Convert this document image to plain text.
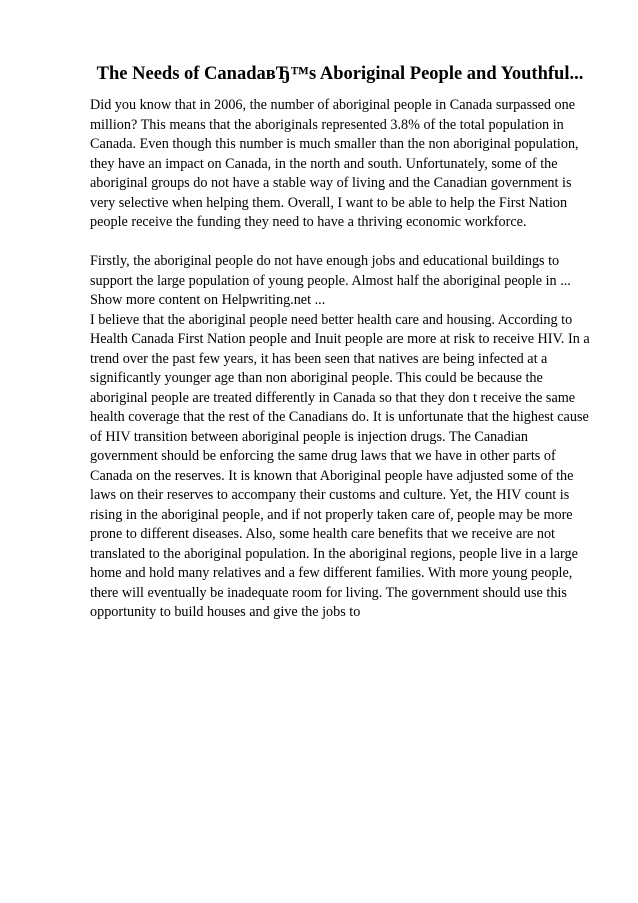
The Needs of CanadaвЂ™s Aboriginal People and Youthful...

Did you know that in 2006, the number of aboriginal people in Canada surpassed one million? This means that the aboriginals represented 3.8% of the total population in Canada. Even though this number is much smaller than the non aboriginal population, they have an impact on Canada, in the north and south. Unfortunately, some of the aboriginal groups do not have a stable way of living and the Canadian government is very selective when helping them. Overall, I want to be able to help the First Nation people receive the funding they need to have a thriving economic workforce.

Firstly, the aboriginal people do not have enough jobs and educational buildings to support the large population of young people. Almost half the aboriginal people in ...

Show more content on Helpwriting.net ...

I believe that the aboriginal people need better health care and housing. According to Health Canada First Nation people and Inuit people are more at risk to receive HIV. In a trend over the past few years, it has been seen that natives are being infected at a significantly younger age than non aboriginal people. This could be because the aboriginal people are treated differently in Canada so that they don t receive the same health coverage that the rest of the Canadians do. It is unfortunate that the highest cause of HIV transition between aboriginal people is injection drugs. The Canadian government should be enforcing the same drug laws that we have in other parts of Canada on the reserves. It is known that Aboriginal people have adjusted some of the laws on their reserves to accompany their customs and culture. Yet, the HIV count is rising in the aboriginal people, and if not properly taken care of, people may be more prone to different diseases. Also, some health care benefits that we receive are not translated to the aboriginal population. In the aboriginal regions, people live in a large home and hold many relatives and a few different families. With more young people, there will eventually be inadequate room for living. The government should use this opportunity to build houses and give the jobs to
